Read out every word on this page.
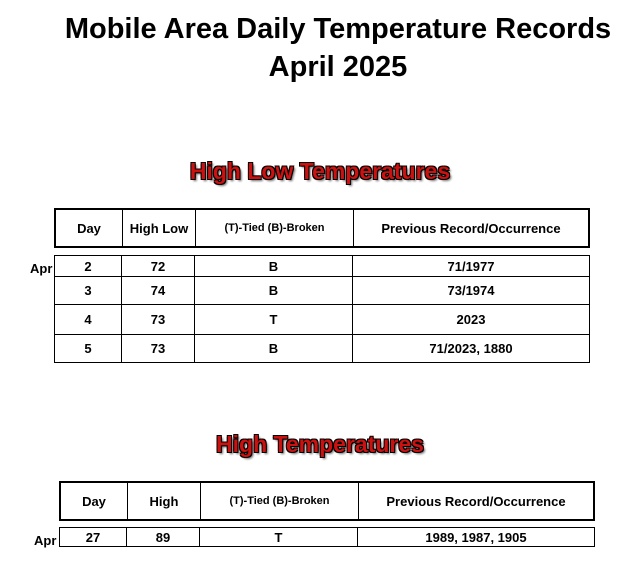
Mobile Area Daily Temperature Records
April 2025
High Low Temperatures
Day	High Low	(T)-Tied (B)-Broken	Previous Record/Occurrence
Apr 2	72	B	71/1977
3	74	B	73/1974
4	73	T	2023
5	73	B	71/2023, 1880
High Temperatures
Day	High	(T)-Tied (B)-Broken	Previous Record/Occurrence
Apr 27	89	T	1989, 1987, 1905
